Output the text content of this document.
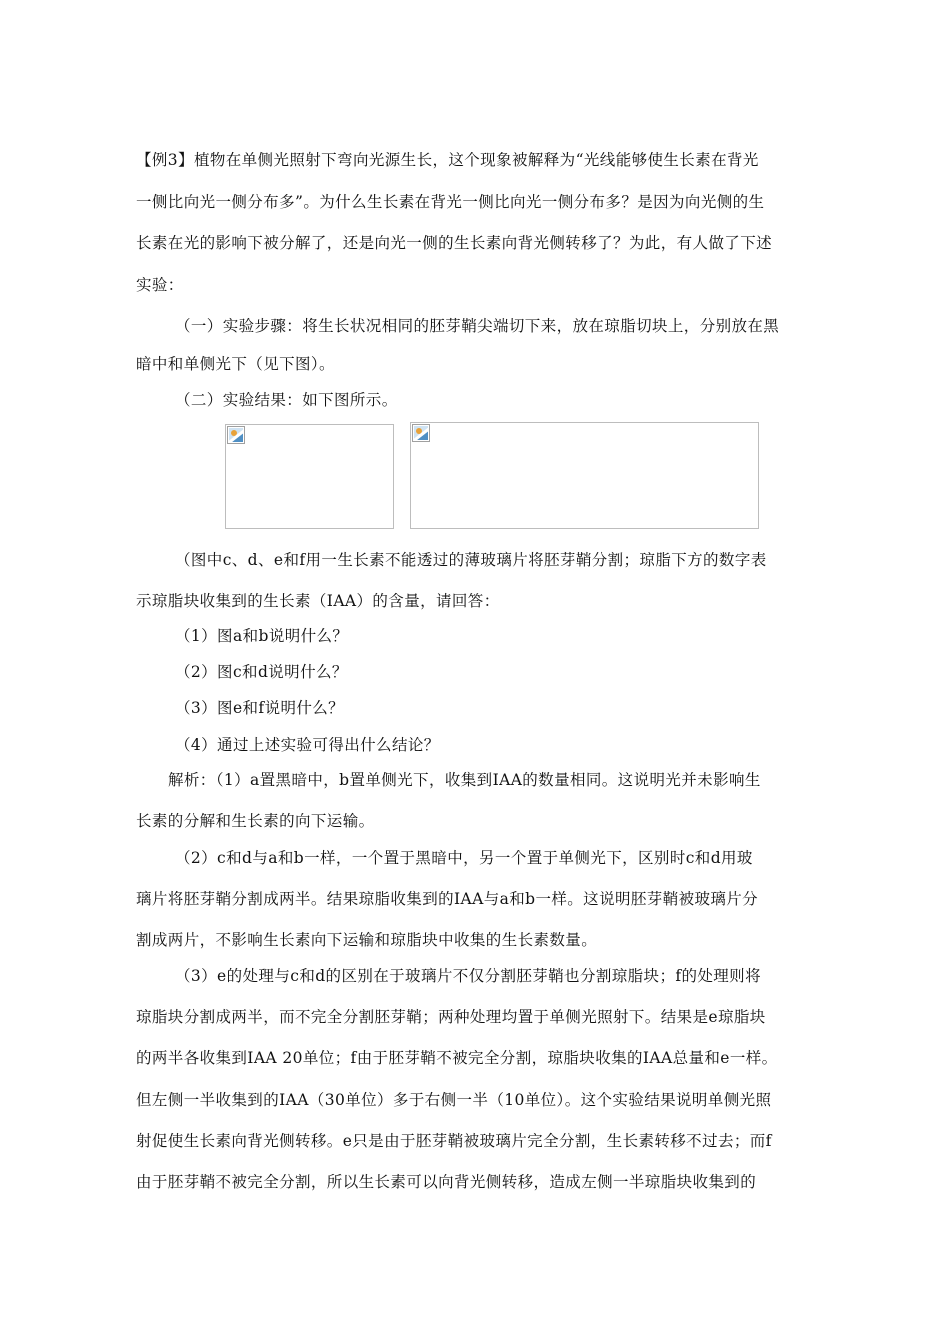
【例3】植物在单侧光照射下弯向光源生长，这个现象被解释为“光线能够使生长素在背光
一侧比向光一侧分布多”。为什么生长素在背光一侧比向光一侧分布多？是因为向光侧的生
长素在光的影响下被分解了，还是向光一侧的生长素向背光侧转移了？为此，有人做了下述
实验：
（一）实验步骤：将生长状况相同的胚芽鞘尖端切下来，放在琼脂切块上，分别放在黑
暗中和单侧光下（见下图）。
（二）实验结果：如下图所示。
（图中c、d、e和f用一生长素不能透过的薄玻璃片将胚芽鞘分割；琼脂下方的数字表
示琼脂块收集到的生长素（IAA）的含量，请回答：
（1）图a和b说明什么？
（2）图c和d说明什么？
（3）图e和f说明什么？
（4）通过上述实验可得出什么结论？
解析：（1）a置黑暗中，b置单侧光下，收集到IAA的数量相同。这说明光并未影响生
长素的分解和生长素的向下运输。
（2）c和d与a和b一样，一个置于黑暗中，另一个置于单侧光下，区别时c和d用玻
璃片将胚芽鞘分割成两半。结果琼脂收集到的IAA与a和b一样。这说明胚芽鞘被玻璃片分
割成两片，不影响生长素向下运输和琼脂块中收集的生长素数量。
（3）e的处理与c和d的区别在于玻璃片不仅分割胚芽鞘也分割琼脂块；f的处理则将
琼脂块分割成两半，而不完全分割胚芽鞘；两种处理均置于单侧光照射下。结果是e琼脂块
的两半各收集到IAA 20单位；f由于胚芽鞘不被完全分割，琼脂块收集的IAA总量和e一样。
但左侧一半收集到的IAA（30单位）多于右侧一半（10单位）。这个实验结果说明单侧光照
射促使生长素向背光侧转移。e只是由于胚芽鞘被玻璃片完全分割，生长素转移不过去；而f
由于胚芽鞘不被完全分割，所以生长素可以向背光侧转移，造成左侧一半琼脂块收集到的
